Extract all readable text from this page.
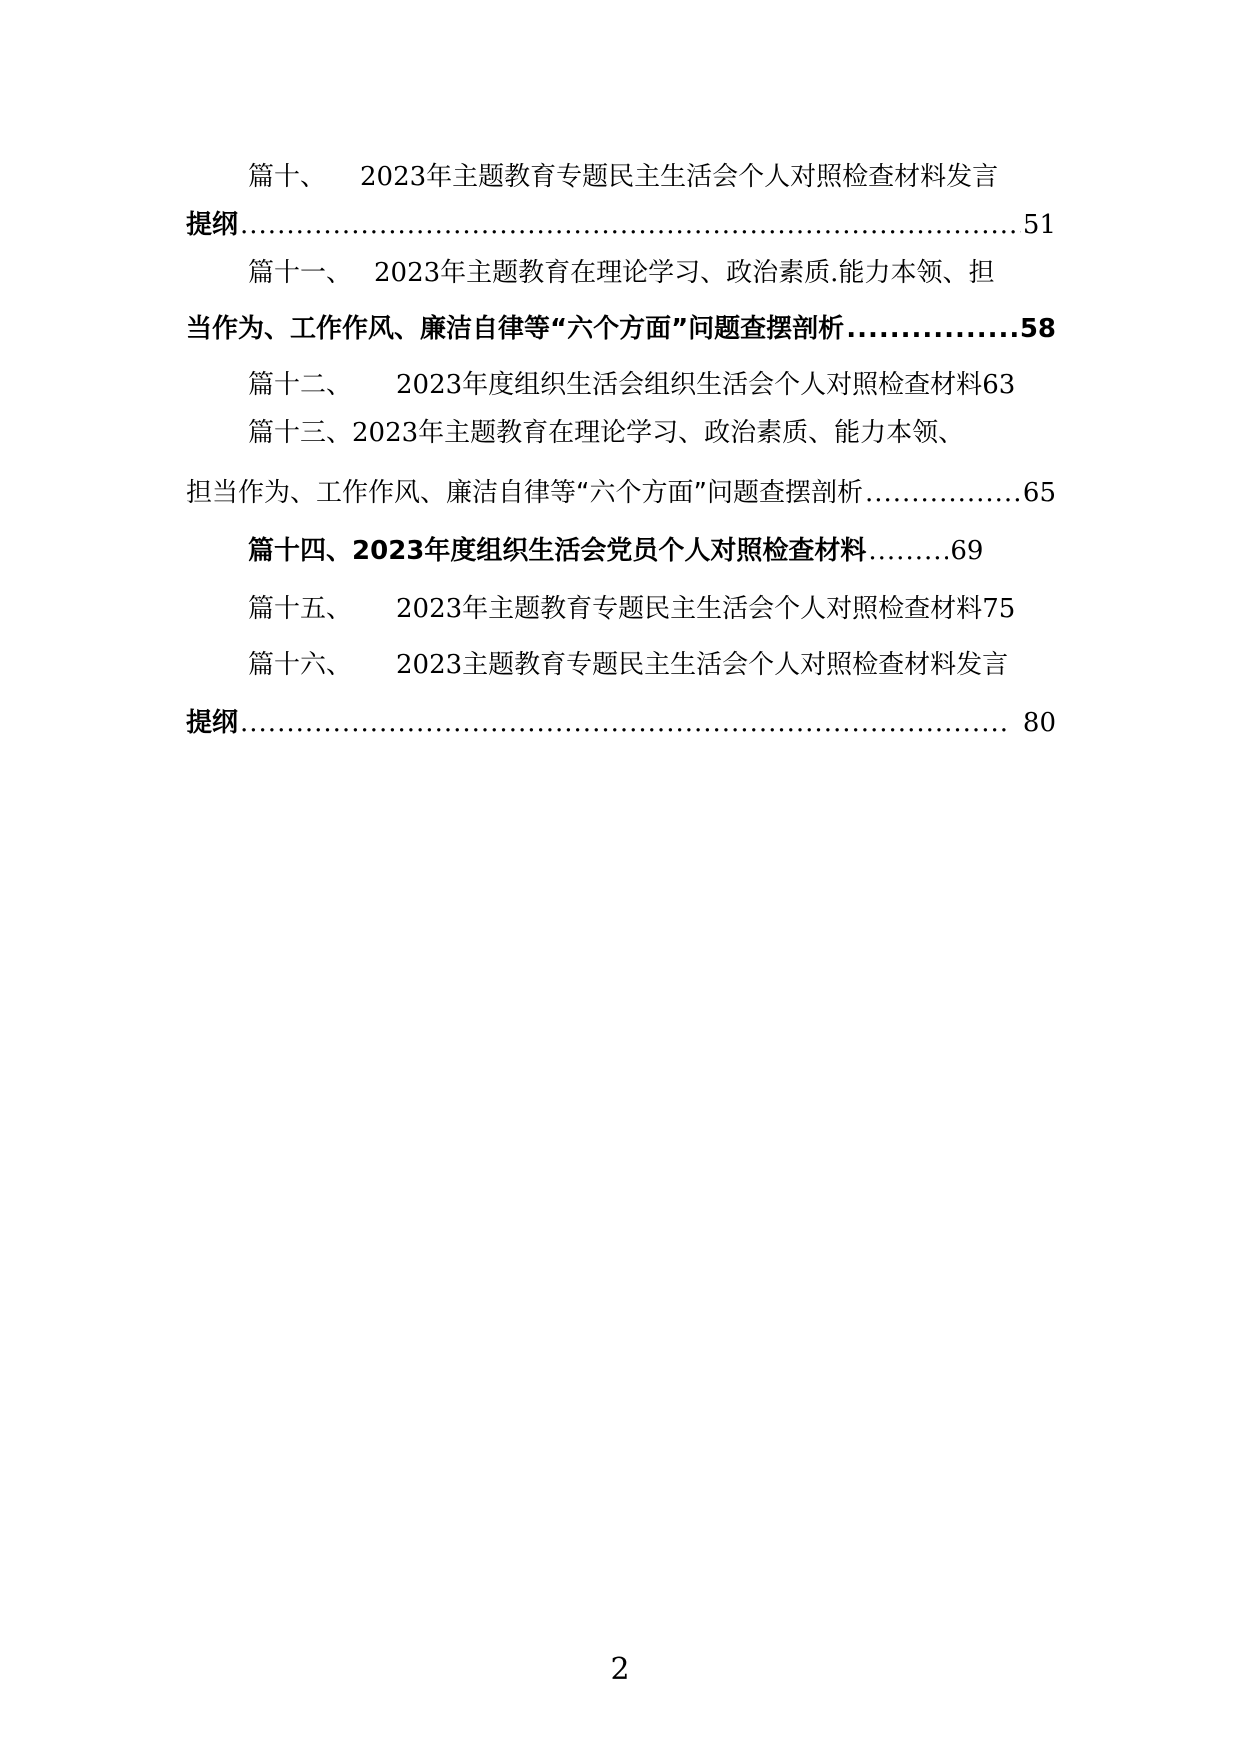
篇十、 2023年主题教育专题民主生活会个人对照检查材料发言
提纲 .....	51
篇十一、 2023年主题教育在理论学习、政治素质.能力本领、担
当作为、工作作风、廉洁自律等“六个方面”问题查摆剖析 .....	58
篇十二、 2023年度组织生活会组织生活会个人对照检查材料 63
篇十三、2023年主题教育在理论学习、政治素质、能力本领、
担当作为、工作作风、廉洁自律等“六个方面”问题查摆剖析 .....	65
篇十四、 2023年度组织生活会党员个人对照检查材料 .....	69
篇十五、 2023年主题教育专题民主生活会个人对照检查材料 75
篇十六、 2023主题教育专题民主生活会个人对照检查材料发言
提纲 .....	80
2
